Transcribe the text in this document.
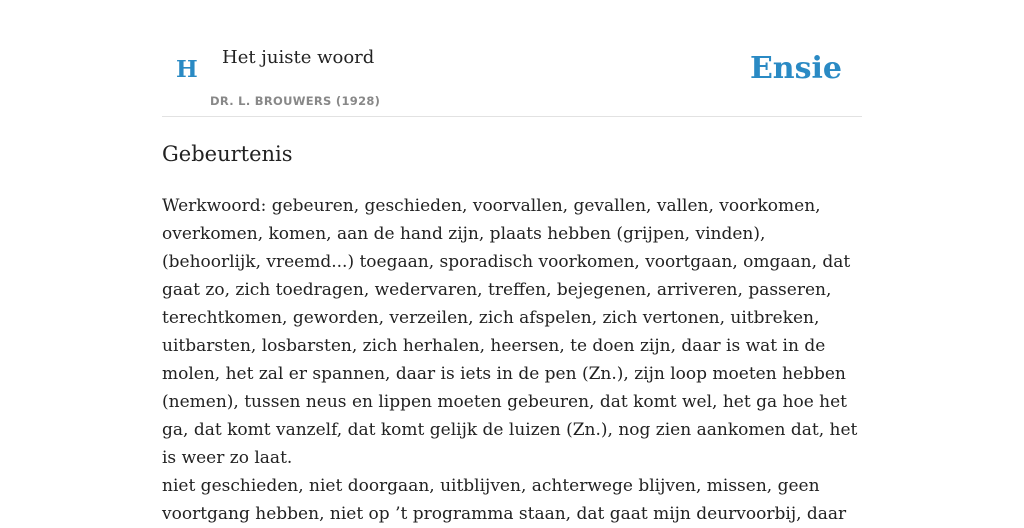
H Het juiste woord
DR. L. BROUWERS (1928)
Ensie
Gebeurtenis

Werkwoord: gebeuren, geschieden, voorvallen, gevallen, vallen, voorkomen, overkomen, komen, aan de hand zijn, plaats hebben (grijpen, vinden), (behoorlijk, vreemd...) toegaan, sporadisch voorkomen, voortgaan, omgaan, dat gaat zo, zich toedragen, wedervaren, treffen, bejegenen, arriveren, passeren, terechtkomen, geworden, verzeilen, zich afspelen, zich vertonen, uitbreken, uitbarsten, losbarsten, zich herhalen, heersen, te doen zijn, daar is wat in de molen, het zal er spannen, daar is iets in de pen (Zn.), zijn loop moeten hebben (nemen), tussen neus en lippen moeten gebeuren, dat komt wel, het ga hoe het ga, dat komt vanzelf, dat komt gelijk de luizen (Zn.), nog zien aankomen dat, het is weer zo laat.

niet geschieden, niet doorgaan, uitblijven, achterwege blijven, missen, geen voortgang hebben, niet op ’t programma staan, dat gaat mijn deurvoorbij, daar
